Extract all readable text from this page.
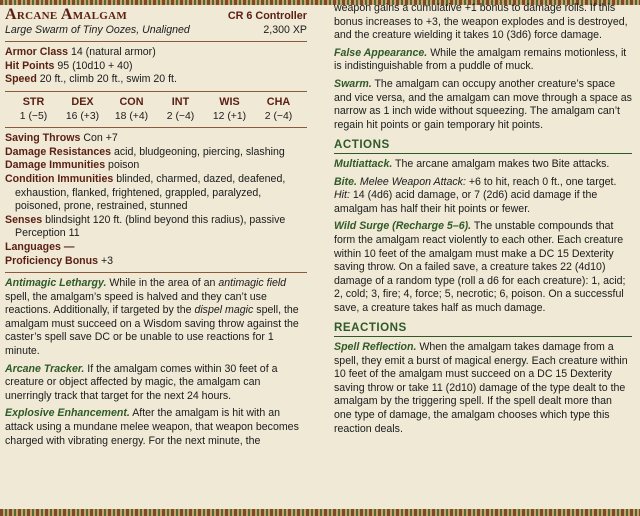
Arcane Amalgam	CR 6 Controller
Large Swarm of Tiny Oozes, Unaligned	2,300 XP

Armor Class 14 (natural armor)

Hit Points 95 (10d10 + 40)

Speed 20 ft., climb 20 ft., swim 20 ft.

STR	DEX	CON	INT	WIS	CHA
1 (−5)	16 (+3)	18 (+4)	2 (−4)	12 (+1)	2 (−4)

Saving Throws Con +7

Damage Resistances acid, bludgeoning, piercing, slashing

Damage Immunities poison

Condition Immunities blinded, charmed, dazed, deafened, exhaustion, flanked, frightened, grappled, paralyzed, poisoned, prone, restrained, stunned

Senses blindsight 120 ft. (blind beyond this radius), passive Perception 11

Languages —

Proficiency Bonus +3

Antimagic Lethargy. While in the area of an antimagic field spell, the amalgam’s speed is halved and they can’t use reactions. Additionally, if targeted by the dispel magic spell, the amalgam must succeed on a Wisdom saving throw against the caster’s spell save DC or be unable to use reactions for 1 minute.

Arcane Tracker. If the amalgam comes within 30 feet of a creature or object affected by magic, the amalgam can unerringly track that target for the next 24 hours.

Explosive Enhancement. After the amalgam is hit with an attack using a mundane melee weapon, that weapon becomes charged with vibrating energy. For the next minute, the

weapon gains a cumulative +1 bonus to damage rolls. If this bonus increases to +3, the weapon explodes and is destroyed, and the creature wielding it takes 10 (3d6) force damage.

False Appearance. While the amalgam remains motionless, it is indistinguishable from a puddle of muck.

Swarm. The amalgam can occupy another creature’s space and vice versa, and the amalgam can move through a space as narrow as 1 inch wide without squeezing. The amalgam can’t regain hit points or gain temporary hit points.

ACTIONS

Multiattack. The arcane amalgam makes two Bite attacks.

Bite. Melee Weapon Attack: +6 to hit, reach 0 ft., one target. Hit: 14 (4d6) acid damage, or 7 (2d6) acid damage if the amalgam has half their hit points or fewer.

Wild Surge (Recharge 5–6). The unstable compounds that form the amalgam react violently to each other. Each creature within 10 feet of the amalgam must make a DC 15 Dexterity saving throw. On a failed save, a creature takes 22 (4d10) damage of a random type (roll a d6 for each creature): 1, acid; 2, cold; 3, fire; 4, force; 5, necrotic; 6, poison. On a successful save, a creature takes half as much damage.

REACTIONS

Spell Reflection. When the amalgam takes damage from a spell, they emit a burst of magical energy. Each creature within 10 feet of the amalgam must succeed on a DC 15 Dexterity saving throw or take 11 (2d10) damage of the type dealt to the amalgam by the triggering spell. If the spell dealt more than one type of damage, the amalgam chooses which type this reaction deals.
